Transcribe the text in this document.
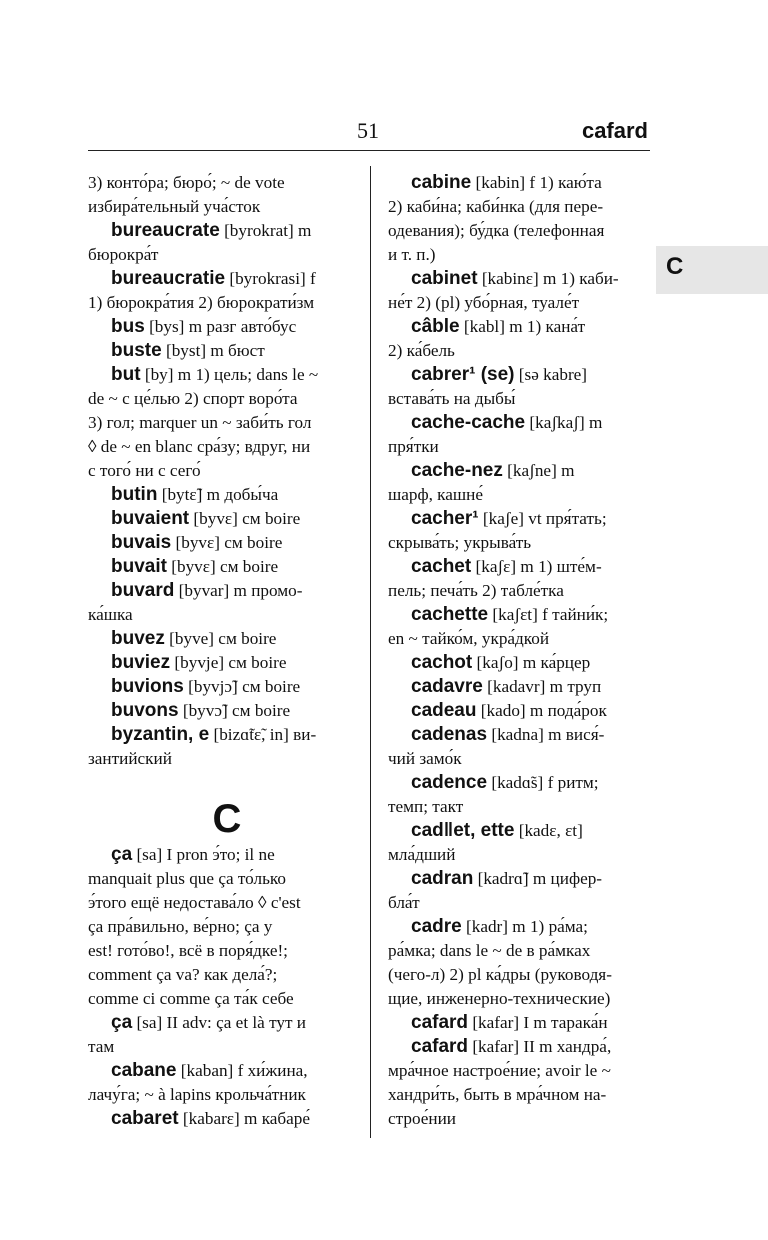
51	cafard
C
3) конто́ра; бюро́; ~ de vote
избира́тельный уча́сток
bureaucrate [byrokrat] m
бюрокра́т
bureaucratie [byrokrasi] f
1) бюрокра́тия 2) бюрократи́зм
bus [bys] m разг авто́бус
buste [byst] m бюст
but [by] m 1) цель; dans le ~
de ~ с це́лью 2) спорт воро́та
3) гол; marquer un ~ заби́ть гол
◊ de ~ en blanc сра́зу; вдруг, ни
с того́ ни с сего́
butin [bytɛ̃] m добы́ча
buvaient [byvɛ] см boire
buvais [byvɛ] см boire
buvait [byvɛ] см boire
buvard [byvar] m промо-
ка́шка
buvez [byve] см boire
buviez [byvje] см boire
buvions [byvjɔ̃] см boire
buvons [byvɔ̃] см boire
byzantin, e [bizɑ̃tɛ̃, in] ви-
зантийский
C
ça [sa] I pron э́то; il ne
manquait plus que ça то́лько
э́того ещё недостава́ло ◊ c'est
ça пра́вильно, ве́рно; ça y
est! гото́во!, всё в поря́дке!;
comment ça va? как дела́?;
comme ci comme ça та́к себе
ça [sa] II adv: ça et là тут и
там
cabane [kaban] f хи́жина,
лачу́га; ~ à lapins крольча́тник
cabaret [kabarɛ] m кабаре́
cabine [kabin] f 1) каю́та
2) каби́на; каби́нка (для пере-
одевания); бу́дка (телефонная
и т. п.)
cabinet [kabinɛ] m 1) каби-
не́т 2) (pl) убо́рная, туале́т
câble [kabl] m 1) кана́т
2) ка́бель
cabrer¹ (se) [sə kabre]
встава́ть на дыбы́
cache-cache [kaʃkaʃ] m
пря́тки
cache-nez [kaʃne] m
шарф, кашне́
cacher¹ [kaʃe] vt пря́тать;
скрыва́ть; укрыва́ть
cachet [kaʃɛ] m 1) ште́м-
пель; печа́ть 2) табле́тка
cachette [kaʃɛt] f тайни́к;
en ~ тайко́м, укра́дкой
cachot [kaʃo] m ка́рцер
cadavre [kadavr] m труп
cadeau [kado] m пода́рок
cadenas [kadna] m вися́-
чий замо́к
cadence [kadɑ̃s] f ритм;
темп; такт
cad‖et, ette [kadɛ, ɛt]
мла́дший
cadran [kadrɑ̃] m цифер-
бла́т
cadre [kadr] m 1) ра́ма;
ра́мка; dans le ~ de в ра́мках
(чего-л) 2) pl ка́дры (руководя-
щие, инженерно-технические)
cafard [kafar] I m тарака́н
cafard [kafar] II m хандра́,
мра́чное настрое́ние; avoir le ~
хандри́ть, быть в мра́чном на-
строе́нии
